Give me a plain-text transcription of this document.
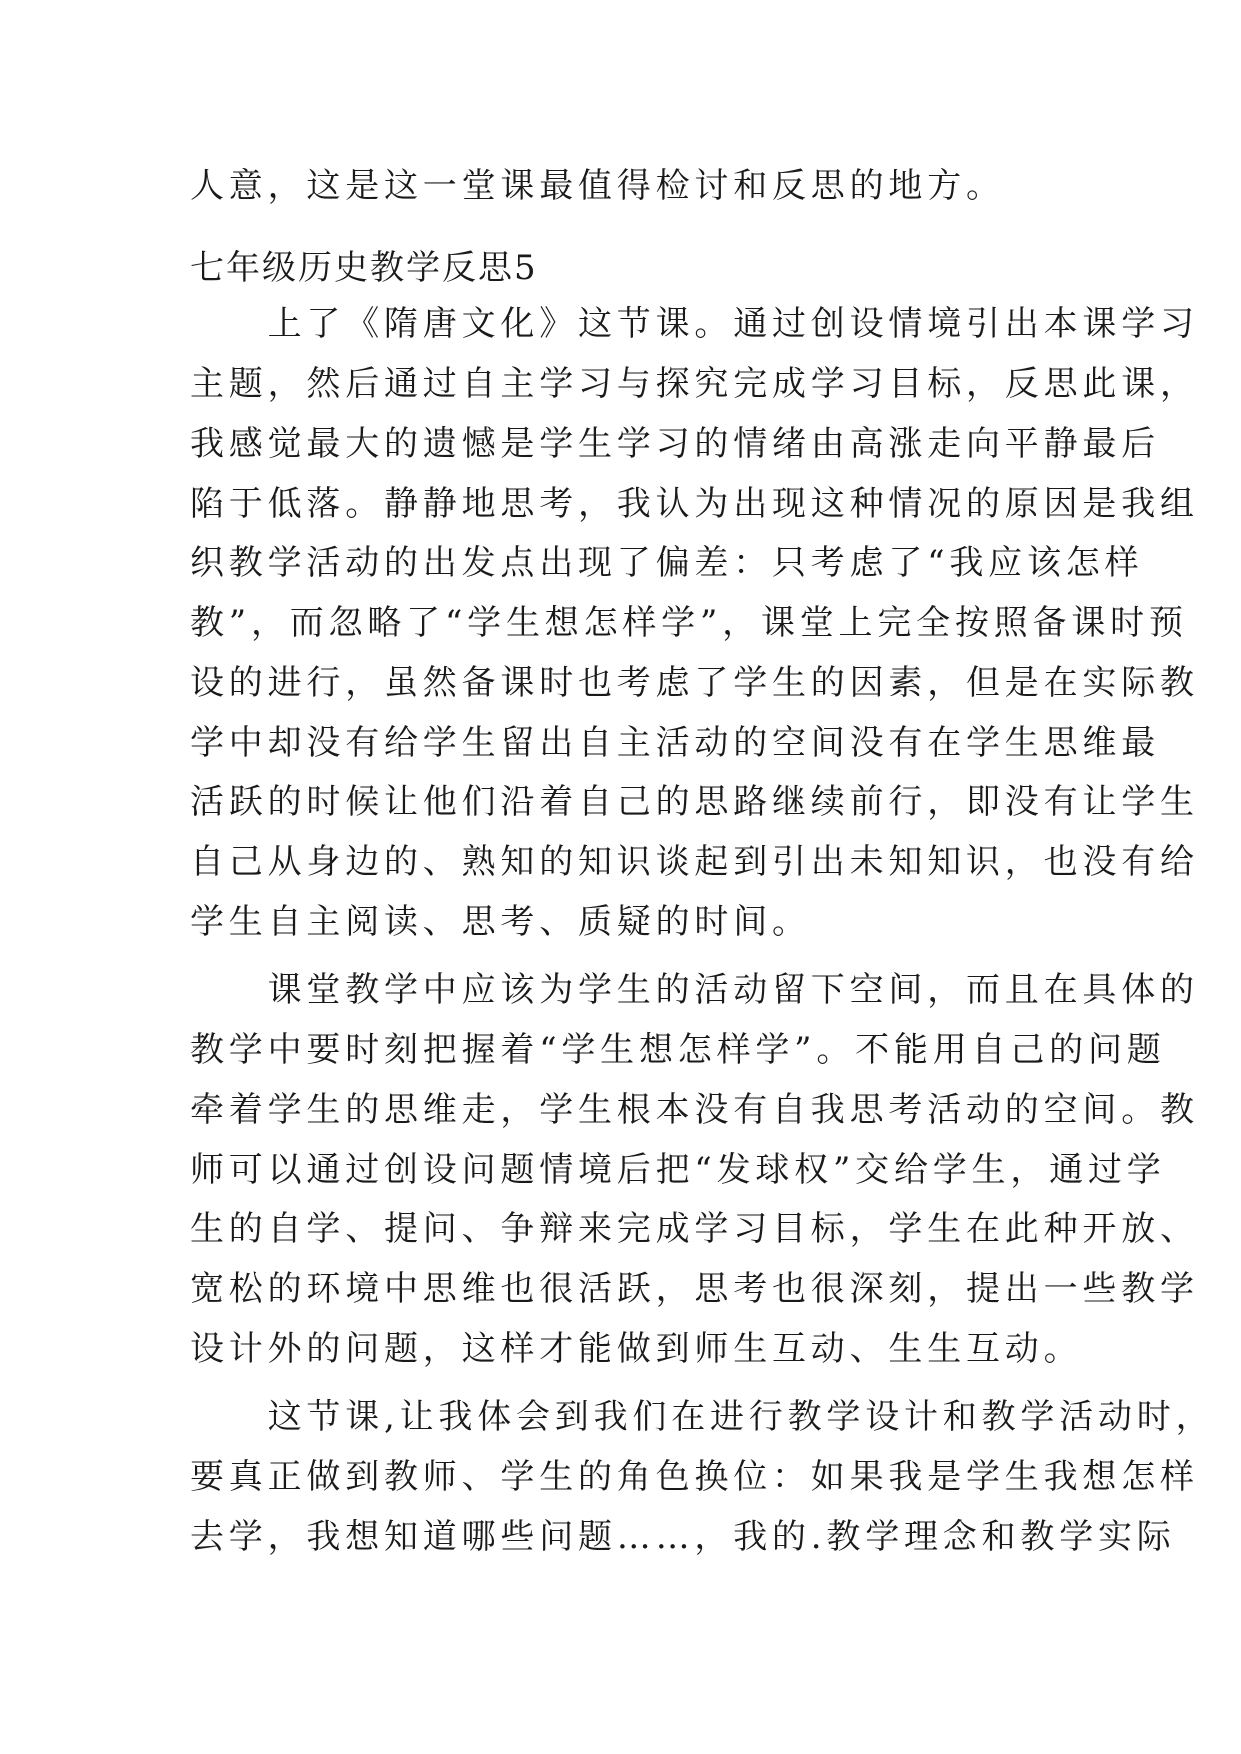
人意，这是这一堂课最值得检讨和反思的地方。
七年级历史教学反思5
　　上了《隋唐文化》这节课。通过创设情境引出本课学习
主题，然后通过自主学习与探究完成学习目标，反思此课，
我感觉最大的遗憾是学生学习的情绪由高涨走向平静最后
陷于低落。静静地思考，我认为出现这种情况的原因是我组
织教学活动的出发点出现了偏差：只考虑了“我应该怎样
教”，而忽略了“学生想怎样学”，课堂上完全按照备课时预
设的进行，虽然备课时也考虑了学生的因素，但是在实际教
学中却没有给学生留出自主活动的空间没有在学生思维最
活跃的时候让他们沿着自己的思路继续前行，即没有让学生
自己从身边的、熟知的知识谈起到引出未知知识，也没有给
学生自主阅读、思考、质疑的时间。
　　课堂教学中应该为学生的活动留下空间，而且在具体的
教学中要时刻把握着“学生想怎样学”。不能用自己的问题
牵着学生的思维走，学生根本没有自我思考活动的空间。教
师可以通过创设问题情境后把“发球权”交给学生，通过学
生的自学、提问、争辩来完成学习目标，学生在此种开放、
宽松的环境中思维也很活跃，思考也很深刻，提出一些教学
设计外的问题，这样才能做到师生互动、生生互动。
　　这节课,让我体会到我们在进行教学设计和教学活动时，
要真正做到教师、学生的角色换位：如果我是学生我想怎样
去学，我想知道哪些问题……，我的.教学理念和教学实际
